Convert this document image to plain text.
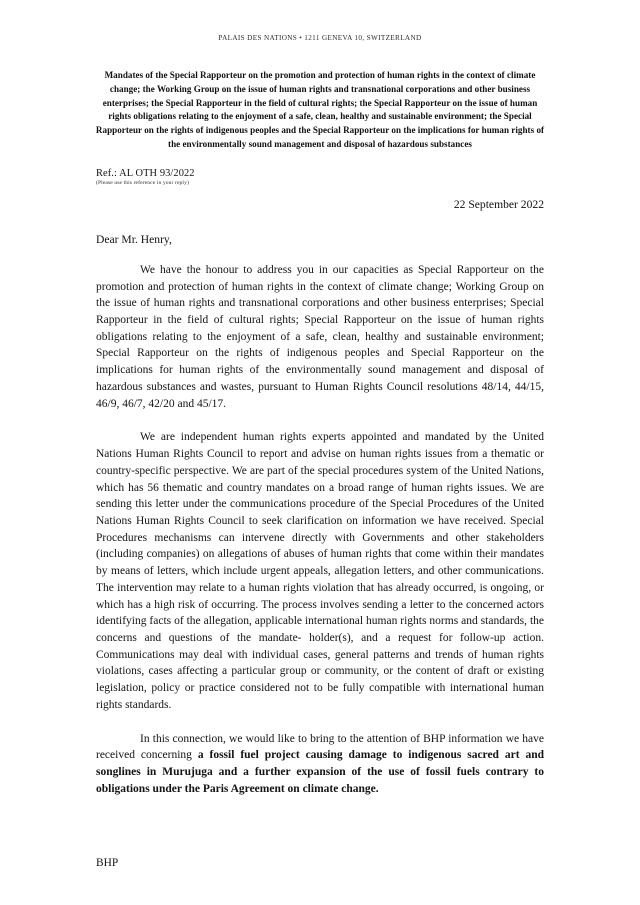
PALAIS DES NATIONS • 1211 GENEVA 10, SWITZERLAND
Mandates of the Special Rapporteur on the promotion and protection of human rights in the context of climate change; the Working Group on the issue of human rights and transnational corporations and other business enterprises; the Special Rapporteur in the field of cultural rights; the Special Rapporteur on the issue of human rights obligations relating to the enjoyment of a safe, clean, healthy and sustainable environment; the Special Rapporteur on the rights of indigenous peoples and the Special Rapporteur on the implications for human rights of the environmentally sound management and disposal of hazardous substances
Ref.: AL OTH 93/2022
(Please use this reference in your reply)
22 September 2022
Dear Mr. Henry,

We have the honour to address you in our capacities as Special Rapporteur on the promotion and protection of human rights in the context of climate change; Working Group on the issue of human rights and transnational corporations and other business enterprises; Special Rapporteur in the field of cultural rights; Special Rapporteur on the issue of human rights obligations relating to the enjoyment of a safe, clean, healthy and sustainable environment; Special Rapporteur on the rights of indigenous peoples and Special Rapporteur on the implications for human rights of the environmentally sound management and disposal of hazardous substances and wastes, pursuant to Human Rights Council resolutions 48/14, 44/15, 46/9, 46/7, 42/20 and 45/17.

We are independent human rights experts appointed and mandated by the United Nations Human Rights Council to report and advise on human rights issues from a thematic or country-specific perspective. We are part of the special procedures system of the United Nations, which has 56 thematic and country mandates on a broad range of human rights issues. We are sending this letter under the communications procedure of the Special Procedures of the United Nations Human Rights Council to seek clarification on information we have received. Special Procedures mechanisms can intervene directly with Governments and other stakeholders (including companies) on allegations of abuses of human rights that come within their mandates by means of letters, which include urgent appeals, allegation letters, and other communications. The intervention may relate to a human rights violation that has already occurred, is ongoing, or which has a high risk of occurring. The process involves sending a letter to the concerned actors identifying facts of the allegation, applicable international human rights norms and standards, the concerns and questions of the mandate- holder(s), and a request for follow-up action. Communications may deal with individual cases, general patterns and trends of human rights violations, cases affecting a particular group or community, or the content of draft or existing legislation, policy or practice considered not to be fully compatible with international human rights standards.

In this connection, we would like to bring to the attention of BHP information we have received concerning a fossil fuel project causing damage to indigenous sacred art and songlines in Murujuga and a further expansion of the use of fossil fuels contrary to obligations under the Paris Agreement on climate change.

BHP
